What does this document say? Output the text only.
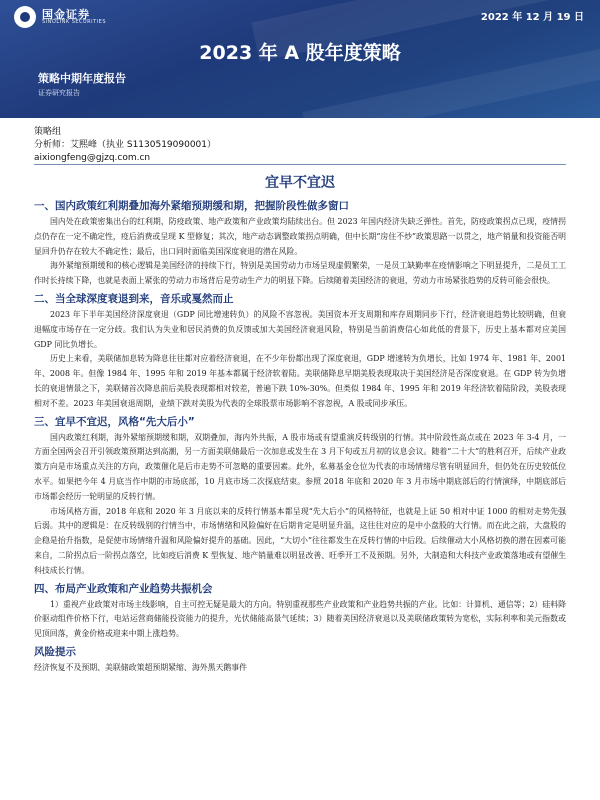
国金证券
SINOLINK SECURITIES	2022 年 12 月 19 日
2023 年 A 股年度策略
策略中期年度报告
证券研究报告
策略组
分析师：艾熙峰（执业 S1130519090001）
aixiongfeng@gjzq.com.cn
宜早不宜迟
一、国内政策红利期叠加海外紧缩预期缓和期，把握阶段性做多窗口

国内处在政策密集出台的红利期，防疫政策、地产政策和产业政策均陆续出台。但 2023 年国内经济失缺乏弹性。首先，防疫政策拐点已现，疫情拐点仍存在一定不确定性，疫后消费或呈现 K 型修复；其次，地产动态调整政策拐点明确，但中长期“房住不炒”政策思路一以贯之，地产销量和投资能否明显回升仍存在较大不确定性；最后，出口同时面临美国深度衰退的潜在风险。

海外紧缩预期缓和的核心逻辑是美国经济的持续下行，特别是美国劳动力市场呈现虚假繁荣，一是员工缺勤率在疫情影响之下明显提升，二是员工工作时长持续下降，也就是表面上紧张的劳动力市场背后是劳动生产力的明显下降。后续随着美国经济的衰退，劳动力市场紧张趋势的反转可能会很快。

二、当全球深度衰退到来，音乐或戛然而止

2023 年下半年美国经济深度衰退（GDP 同比增速转负）的风险不容忽视。美国资本开支周期和库存周期同步下行，经济衰退趋势比较明确，但衰退幅度市场存在一定分歧。我们认为失业和居民消费的负反馈或加大美国经济衰退风险，特别是当前消费信心如此低的背景下，历史上基本都对应美国 GDP 同比负增长。

历史上来看，美联储加息转为降息往往都对应着经济衰退，在不少年份都出现了深度衰退，GDP 增速转为负增长，比如 1974 年、1981 年、2001 年、2008 年。但像 1984 年、1995 年和 2019 年基本都属于经济软着陆。美联储降息早期美股表现取决于美国经济是否深度衰退。在 GDP 转为负增长的衰退情景之下，美联储首次降息前后美股表现都相对较差，普遍下跌 10%-30%。但类似 1984 年、1995 年和 2019 年经济软着陆阶段，美股表现相对不差。2023 年美国衰退周期，业绩下跌对美股为代表的全球股票市场影响不容忽视，A 股或同步承压。

三、宜早不宜迟，风格“先大后小”

国内政策红利期，海外紧缩预期缓和期，双期叠加，海内外共振，A 股市场或有望重演反转级别的行情。其中阶段性高点或在 2023 年 3-4 月，一方面全国两会召开引领政策预期达到高潮，另一方面美联储最后一次加息或发生在 3 月下旬或五月初的议息会议。随着“二十大”的胜利召开，后续产业政策方向是市场重点关注的方向，政策催化是后市走势不可忽略的重要因素。此外，私募基金仓位为代表的市场情绪尽管有明显回升，但仍处在历史较低位水平。如果把今年 4 月底当作中期的市场底部，10 月底市场二次探底结束。参照 2018 年底和 2020 年 3 月市场中期底部后的行情演绎，中期底部后市场都会经历一轮明显的反转行情。

市场风格方面，2018 年底和 2020 年 3 月底以来的反转行情基本都呈现“先大后小”的风格特征，也就是上证 50 相对中证 1000 的相对走势先强后弱。其中的逻辑是：在反转级别的行情当中，市场情绪和风险偏好在后期肯定是明显升温，这往往对应的是中小盘股的大行情。而在此之前，大盘股的企稳是抬升指数，是促使市场情绪升温和风险偏好提升的基础。因此，“大切小”往往都发生在反转行情的中后段。后续催动大小风格切换的潜在因素可能来自，二阶拐点后一阶拐点落空，比如疫后消费 K 型恢复、地产销量难以明显改善、旺季开工不及预期。另外，大制造和大科技产业政策落地或有望催生科技成长行情。

四、布局产业政策和产业趋势共振机会

1）重视产业政策对市场主线影响，自主可控无疑是最大的方向。特别重视那些产业政策和产业趋势共振的产业。比如：计算机、通信等；2）硅料降价驱动组件价格下行，电站运营商储能投资能力的提升，光伏储能高景气延续；3）随着美国经济衰退以及美联储政策转为宽松，实际利率和美元指数或见顶回落，黄金价格或迎来中期上涨趋势。

风险提示

经济恢复不及预期、美联储政策超预期紧缩、海外黑天鹅事件
